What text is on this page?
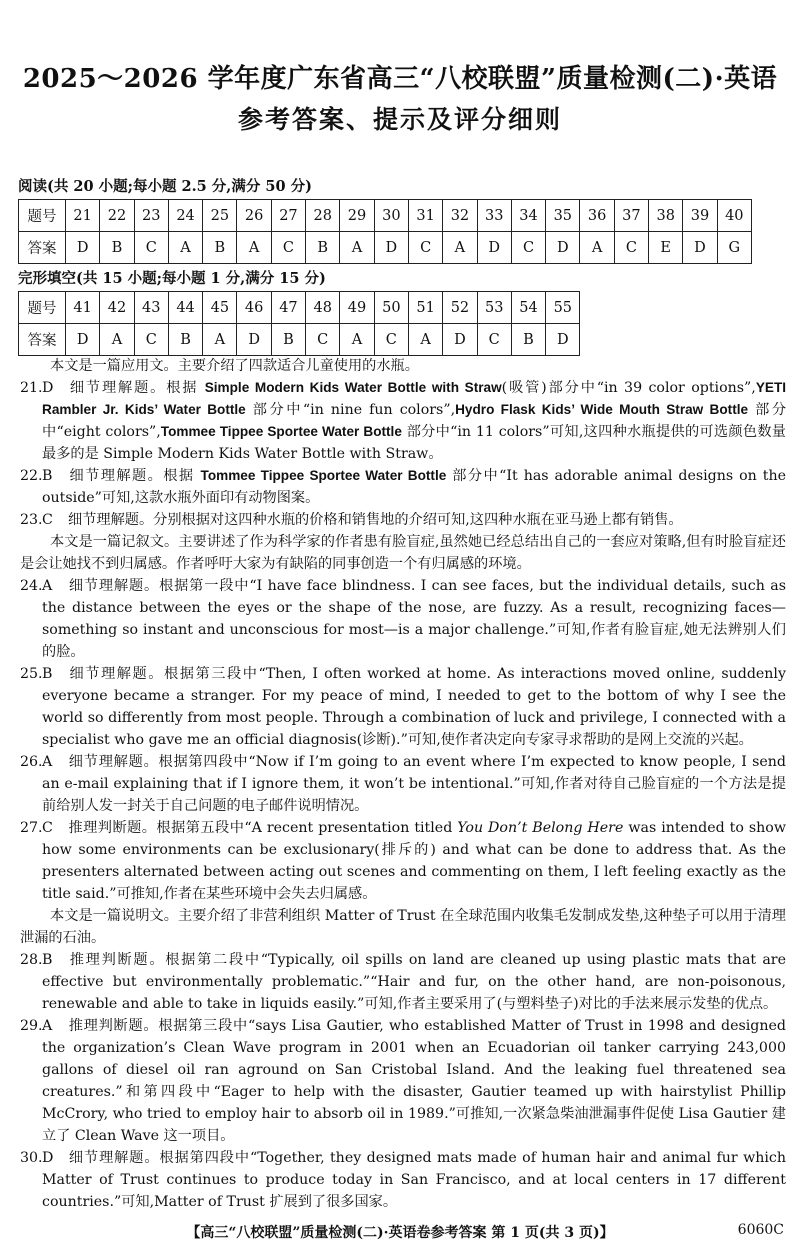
2025～2026 学年度广东省高三“八校联盟”质量检测(二)·英语
参考答案、提示及评分细则
阅读(共 20 小题;每小题 2.5 分,满分 50 分)
题号	21	22	23	24	25	26	27	28	29	30	31	32	33	34	35	36	37	38	39	40
答案	D	B	C	A	B	A	C	B	A	D	C	A	D	C	D	A	C	E	D	G
完形填空(共 15 小题;每小题 1 分,满分 15 分)
题号	41	42	43	44	45	46	47	48	49	50	51	52	53	54	55
答案	D	A	C	B	A	D	B	C	A	C	A	D	C	B	D
本文是一篇应用文。主要介绍了四款适合儿童使用的水瓶。
21.D 细节理解题。根据 Simple Modern Kids Water Bottle with Straw(吸管)部分中“in 39 color options”,YETI Rambler Jr. Kids’ Water Bottle 部分中“in nine fun colors”,Hydro Flask Kids’ Wide Mouth Straw Bottle 部分中“eight colors”,Tommee Tippee Sportee Water Bottle 部分中“in 11 colors”可知,这四种水瓶提供的可选颜色数量最多的是 Simple Modern Kids Water Bottle with Straw。
22.B 细节理解题。根据 Tommee Tippee Sportee Water Bottle 部分中“It has adorable animal designs on the outside”可知,这款水瓶外面印有动物图案。
23.C 细节理解题。分别根据对这四种水瓶的价格和销售地的介绍可知,这四种水瓶在亚马逊上都有销售。
本文是一篇记叙文。主要讲述了作为科学家的作者患有脸盲症,虽然她已经总结出自己的一套应对策略,但有时脸盲症还是会让她找不到归属感。作者呼吁大家为有缺陷的同事创造一个有归属感的环境。
24.A 细节理解题。根据第一段中“I have face blindness. I can see faces, but the individual details, such as the distance between the eyes or the shape of the nose, are fuzzy. As a result, recognizing faces—something so instant and unconscious for most—is a major challenge.”可知,作者有脸盲症,她无法辨别人们的脸。
25.B 细节理解题。根据第三段中“Then, I often worked at home. As interactions moved online, suddenly everyone became a stranger. For my peace of mind, I needed to get to the bottom of why I see the world so differently from most people. Through a combination of luck and privilege, I connected with a specialist who gave me an official diagnosis(诊断).”可知,使作者决定向专家寻求帮助的是网上交流的兴起。
26.A 细节理解题。根据第四段中“Now if I’m going to an event where I’m expected to know people, I send an e-mail explaining that if I ignore them, it won’t be intentional.”可知,作者对待自己脸盲症的一个方法是提前给别人发一封关于自己问题的电子邮件说明情况。
27.C 推理判断题。根据第五段中“A recent presentation titled You Don’t Belong Here was intended to show how some environments can be exclusionary(排斥的) and what can be done to address that. As the presenters alternated between acting out scenes and commenting on them, I left feeling exactly as the title said.”可推知,作者在某些环境中会失去归属感。
本文是一篇说明文。主要介绍了非营利组织 Matter of Trust 在全球范围内收集毛发制成发垫,这种垫子可以用于清理泄漏的石油。
28.B 推理判断题。根据第二段中“Typically, oil spills on land are cleaned up using plastic mats that are effective but environmentally problematic.”“Hair and fur, on the other hand, are non-poisonous, renewable and able to take in liquids easily.”可知,作者主要采用了(与塑料垫子)对比的手法来展示发垫的优点。
29.A 推理判断题。根据第三段中“says Lisa Gautier, who established Matter of Trust in 1998 and designed the organization’s Clean Wave program in 2001 when an Ecuadorian oil tanker carrying 243,000 gallons of diesel oil ran aground on San Cristobal Island. And the leaking fuel threatened sea creatures.”和第四段中“Eager to help with the disaster, Gautier teamed up with hairstylist Phillip McCrory, who tried to employ hair to absorb oil in 1989.”可推知,一次紧急柴油泄漏事件促使 Lisa Gautier 建立了 Clean Wave 这一项目。
30.D 细节理解题。根据第四段中“Together, they designed mats made of human hair and animal fur which Matter of Trust continues to produce today in San Francisco, and at local centers in 17 different countries.”可知,Matter of Trust 扩展到了很多国家。
【高三“八校联盟”质量检测(二)·英语卷参考答案 第 1 页(共 3 页)】	6060C
